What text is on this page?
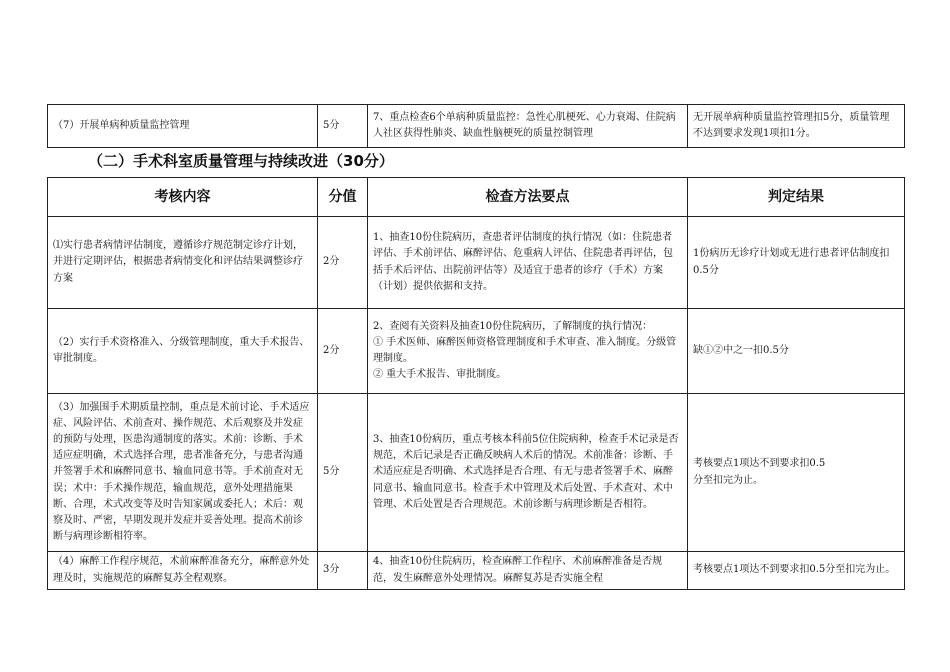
（7）开展单病种质量监控管理	5分	7、重点检查6个单病种质量监控：急性心肌梗死、心力衰竭、住院病人社区获得性肺炎、缺血性脑梗死的质量控制管理	无开展单病种质量监控管理扣5分，质量管理不达到要求发现1项扣1分。
（二）手术科室质量管理与持续改进（30分）
考核内容	分值	检查方法要点	判定结果
⑴实行患者病情评估制度，遵循诊疗规范制定诊疗计划，并进行定期评估，根据患者病情变化和评估结果调整诊疗方案	2分	1、抽查10份住院病历，查患者评估制度的执行情况（如：住院患者评估、手术前评估、麻醉评估、危重病人评估、住院患者再评估，包括手术后评估、出院前评估等）及适宜于患者的诊疗（手术）方案（计划）提供依据和支持。	1份病历无诊疗计划或无进行患者评估制度扣0.5分
（2）实行手术资格准入、分级管理制度，重大手术报告、审批制度。	2分	2、查阅有关资料及抽查10份住院病历，了解制度的执行情况：
① 手术医师、麻醉医师资格管理制度和手术审查、准入制度。分级管理制度。
② 重大手术报告、审批制度。	缺①②中之一扣0.5分
（3）加强围手术期质量控制，重点是术前讨论、手术适应症、风险评估、术前查对、操作规范、术后观察及并发症的预防与处理，医患沟通制度的落实。术前：诊断、手术适应症明确，术式选择合理，患者准备充分，与患者沟通并签署手术和麻醉同意书、输血同意书等。手术前查对无误；术中：手术操作规范，输血规范，意外处理措施果断、合理，术式改变等及时告知家属或委托人；术后：观察及时、严密，早期发现并发症并妥善处理。提高术前诊断与病理诊断相符率。	5分	3、抽查10份病历，重点考核本科前5位住院病种，检查手术记录是否规范，术后记录是否正确反映病人术后的情况。术前准备：诊断、手术适应症是否明确、术式选择是否合理、有无与患者签署手术、麻醉同意书、输血同意书。检查手术中管理及术后处置、手术查对、术中管理、术后处置是否合理规范。术前诊断与病理诊断是否相符。	考核要点1项达不到要求扣0.5
分至扣完为止。
（4）麻醉工作程序规范，术前麻醉准备充分，麻醉意外处理及时，实施规范的麻醉复苏全程观察。	3分	4、抽查10份住院病历，检查麻醉工作程序、术前麻醉准备是否规范，发生麻醉意外处理情况。麻醉复苏是否实施全程	考核要点1项达不到要求扣0.5分至扣完为止。
